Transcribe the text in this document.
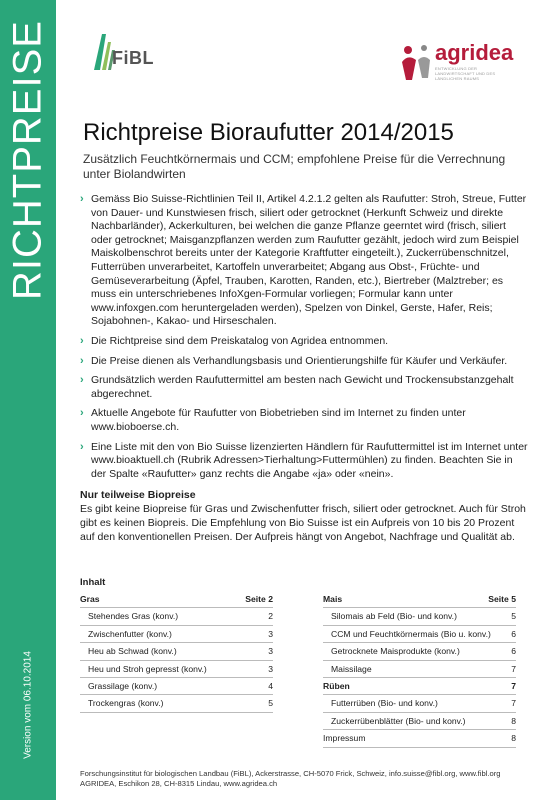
RICHTPREISE
Version vom 06.10.2014
FiBL	agridea
ENTWICKLUNG DER LANDWIRTSCHAFT UND DES LÄNDLICHEN RAUMS
Richtpreise Bioraufutter 2014/2015

Zusätzlich Feuchtkörnermais und CCM; empfohlene Preise für die Verrechnung unter Biolandwirten

› Gemäss Bio Suisse-Richtlinien Teil II, Artikel 4.2.1.2 gelten als Raufutter: Stroh, Streue, Futter von Dauer- und Kunstwiesen frisch, siliert oder getrocknet (Herkunft Schweiz und direkte Nachbarländer), Ackerkulturen, bei welchen die ganze Pflanze geerntet wird (frisch, siliert oder getrocknet; Maisganzpflanzen werden zum Raufutter gezählt, jedoch wird zum Beispiel Maiskolbenschrot bereits unter der Kategorie Kraftfutter eingeteilt.), Zuckerrübenschnitzel, Futterrüben unverarbeitet, Kartoffeln unverarbeitet; Abgang aus Obst-, Früchte- und Gemüseverarbeitung (Äpfel, Trauben, Karotten, Randen, etc.), Biertreber (Malztreber; es muss ein unterschriebenes InfoXgen-Formular vorliegen; Formular kann unter www.infoxgen.com heruntergeladen werden), Spelzen von Dinkel, Gerste, Hafer, Reis; Sojabohnen-, Kakao- und Hirseschalen.
› Die Richtpreise sind dem Preiskatalog von Agridea entnommen.
› Die Preise dienen als Verhandlungsbasis und Orientierungshilfe für Käufer und Verkäufer.
› Grundsätzlich werden Raufuttermittel am besten nach Gewicht und Trockensubstanzgehalt abgerechnet.
› Aktuelle Angebote für Raufutter von Biobetrieben sind im Internet zu finden unter www.bioboerse.ch.
› Eine Liste mit den von Bio Suisse lizenzierten Händlern für Raufuttermittel ist im Internet unter www.bioaktuell.ch (Rubrik Adressen>Tierhaltung>Futtermühlen) zu finden. Beachten Sie in der Spalte «Raufutter» ganz rechts die Angabe «ja» oder «nein».
Nur teilweise Biopreise

Es gibt keine Biopreise für Gras und Zwischenfutter frisch, siliert oder getrocknet. Auch für Stroh gibt es keinen Biopreis. Die Empfehlung von Bio Suisse ist ein Aufpreis von 10 bis 20 Prozent auf den konventionellen Preisen. Der Aufpreis hängt von Angebot, Nachfrage und Qualität ab.

Inhalt
Gras	Seite 2
Stehendes Gras (konv.)	2
Zwischenfutter (konv.)	3
Heu ab Schwad (konv.)	3
Heu und Stroh gepresst (konv.)	3
Grassilage (konv.)	4
Trockengras (konv.)	5
Mais	Seite 5
Silomais ab Feld (Bio- und konv.)	5
CCM und Feuchtkörnermais (Bio u. konv.) 6
Getrocknete Maisprodukte (konv.)	6
Maissilage	7
Rüben	7
Futterrüben (Bio- und konv.)	7
Zuckerrübenblätter (Bio- und konv.)	8
Impressum	8
Forschungsinstitut für biologischen Landbau (FiBL), Ackerstrasse, CH-5070 Frick, Schweiz, info.suisse@fibl.org, www.fibl.org
AGRIDEA, Eschikon 28, CH-8315 Lindau, www.agridea.ch
